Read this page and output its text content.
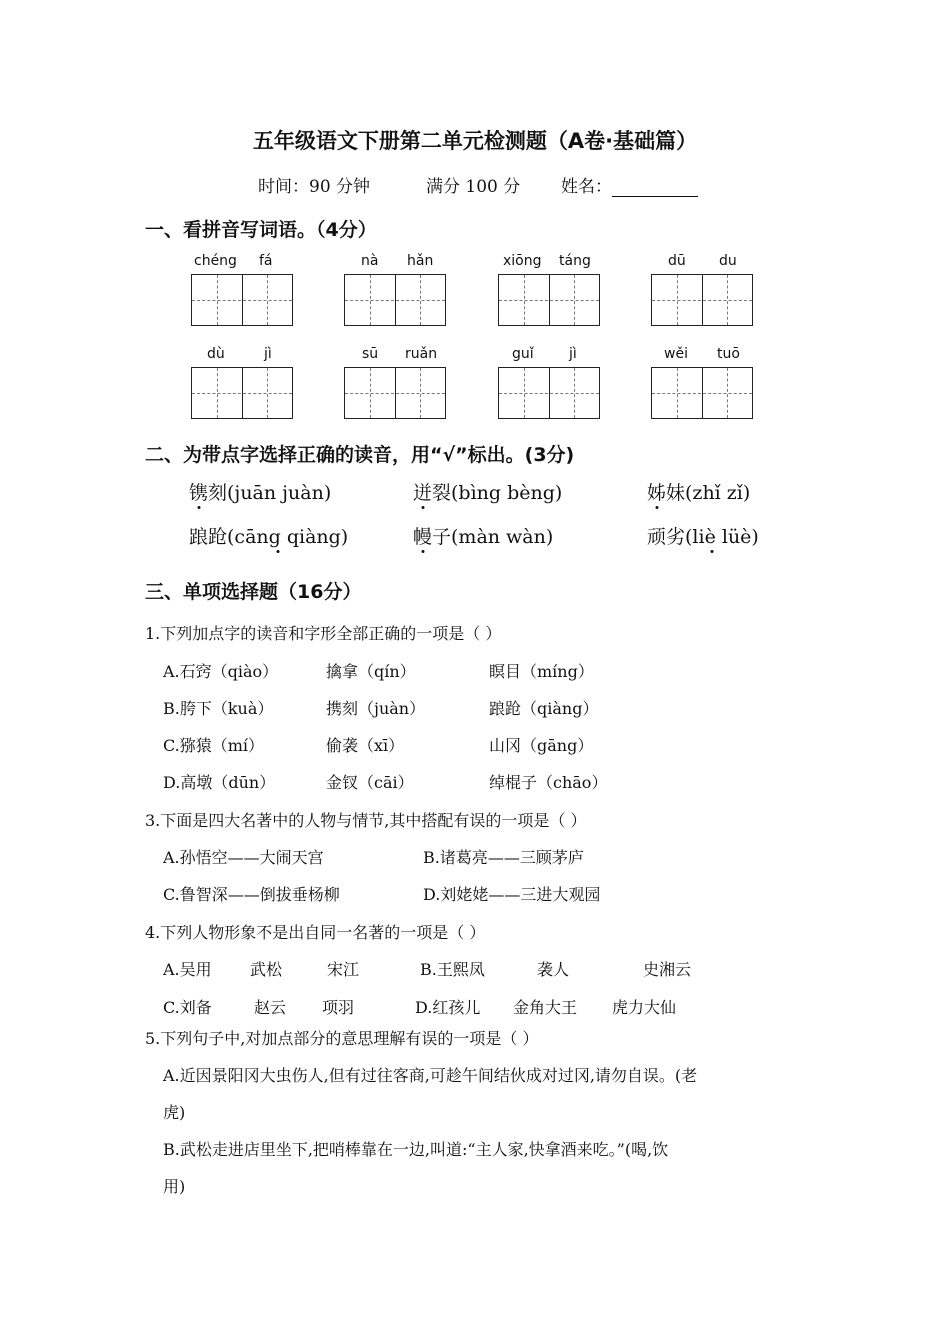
五年级语文下册第二单元检测题（A卷·基础篇）
时间：90 分钟	满分 100 分 姓名：
一、看拼音写词语。（4分）
chéng fá	nà hǎn	xiōng táng	dū du
dù	jì	sū ruǎn	guǐ	jì	wěi tuō
二、为带点字选择正确的读音，用“√”标出。(3分)
镌刻(juān juàn)	迸裂(bìng bèng)	姊妹(zhǐ zǐ)
踉跄(cāng qiàng)	幔子(màn wàn)	顽劣(liè lüè)
三、单项选择题（16分）
1.下列加点字的读音和字形全部正确的一项是（ ）
A.石窍（qiào）	擒拿（qín）	瞑目（míng）
B.胯下（kuà）	携刻（juàn）	踉跄（qiàng）
C.猕猿（mí）	偷袭（xī）	山冈（gāng）
D.高墩（dūn）	金钗（cāi）	绰棍子（chāo）
3.下面是四大名著中的人物与情节,其中搭配有误的一项是（ ）
A.孙悟空——大闹天宫	B.诸葛亮——三顾茅庐
C.鲁智深——倒拔垂杨柳	D.刘姥姥——三进大观园
4.下列人物形象不是出自同一名著的一项是（ ）
A.吴用 武松	宋江	B.王熙凤	袭人	史湘云
C.刘备	赵云 项羽	D.红孩儿 金角大王 虎力大仙
5.下列句子中,对加点部分的意思理解有误的一项是（ ）
A.近因景阳冈大虫伤人,但有过往客商,可趁午间结伙成对过冈,请勿自误。(老
虎)
B.武松走进店里坐下,把哨棒靠在一边,叫道:“主人家,快拿酒来吃。”(喝,饮
用)
